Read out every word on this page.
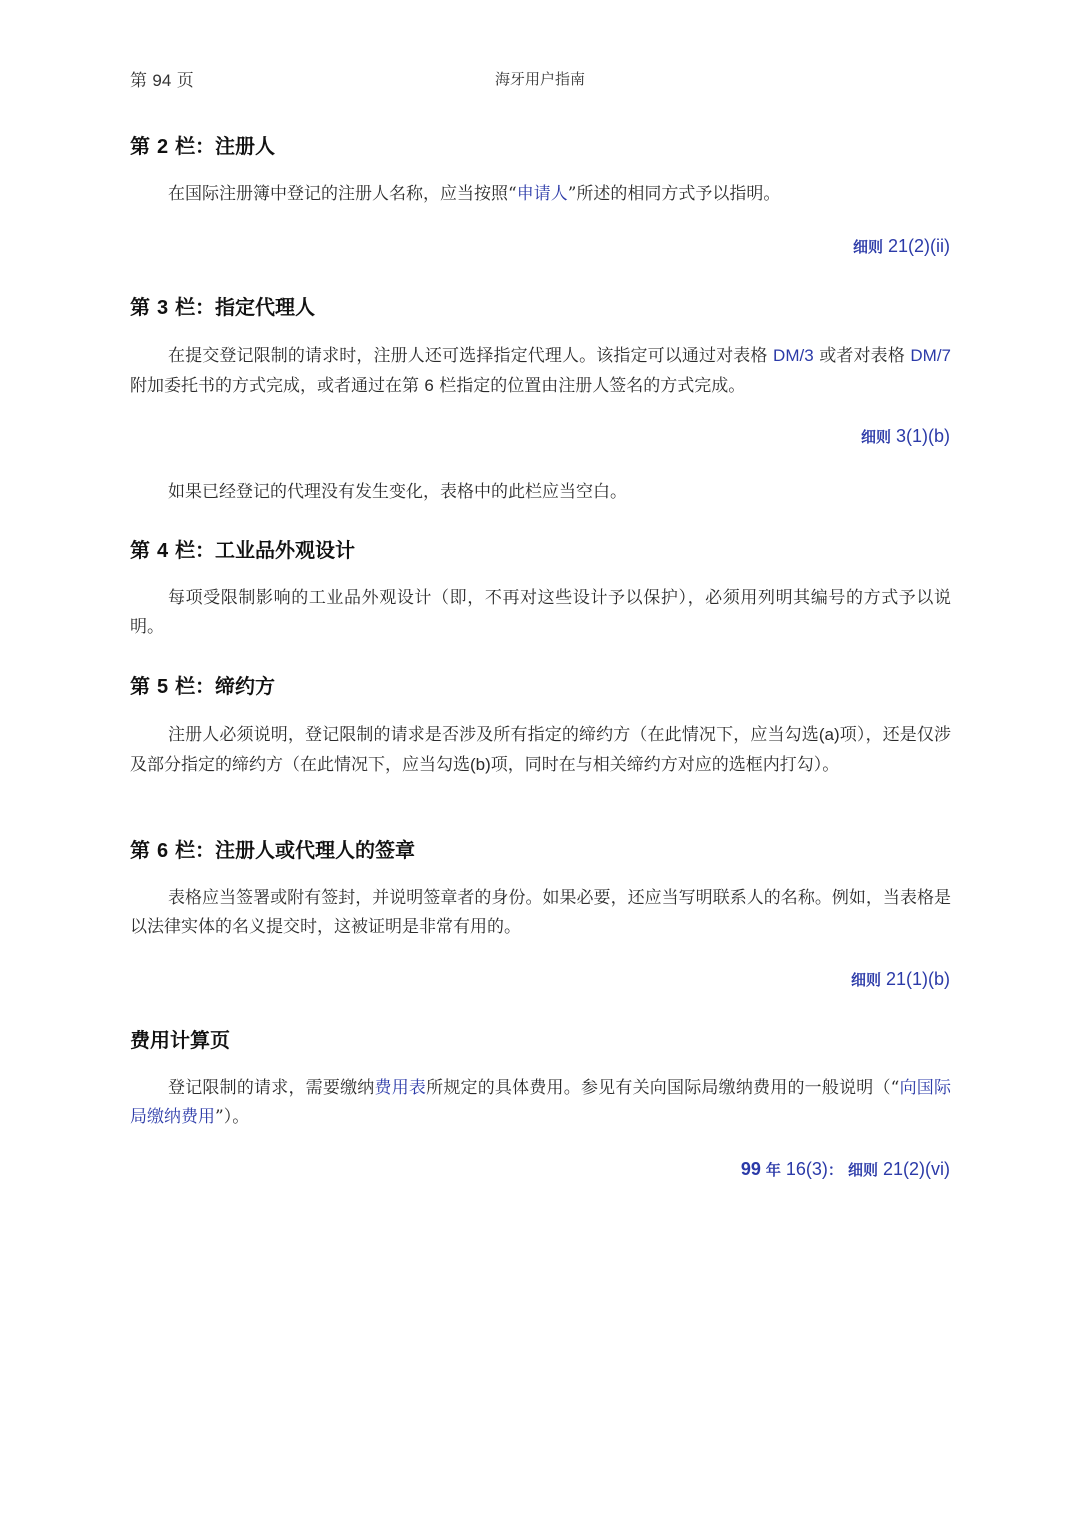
第 94 页	海牙用户指南
第 2 栏：注册人
在国际注册簿中登记的注册人名称，应当按照“申请人”所述的相同方式予以指明。
细则 21(2)(ii)
第 3 栏：指定代理人
在提交登记限制的请求时，注册人还可选择指定代理人。该指定可以通过对表格 DM/3 或者对表格 DM/7 附加委托书的方式完成，或者通过在第 6 栏指定的位置由注册人签名的方式完成。
细则 3(1)(b)
如果已经登记的代理没有发生变化，表格中的此栏应当空白。
第 4 栏：工业品外观设计
每项受限制影响的工业品外观设计（即，不再对这些设计予以保护），必须用列明其编号的方式予以说明。
第 5 栏：缔约方
注册人必须说明，登记限制的请求是否涉及所有指定的缔约方（在此情况下，应当勾选(a)项），还是仅涉及部分指定的缔约方（在此情况下，应当勾选(b)项，同时在与相关缔约方对应的选框内打勾）。
第 6 栏：注册人或代理人的签章
表格应当签署或附有签封，并说明签章者的身份。如果必要，还应当写明联系人的名称。例如，当表格是以法律实体的名义提交时，这被证明是非常有用的。
细则 21(1)(b)
费用计算页
登记限制的请求，需要缴纳费用表所规定的具体费用。参见有关向国际局缴纳费用的一般说明（“向国际局缴纳费用”）。
99 年 16(3)： 细则 21(2)(vi)
